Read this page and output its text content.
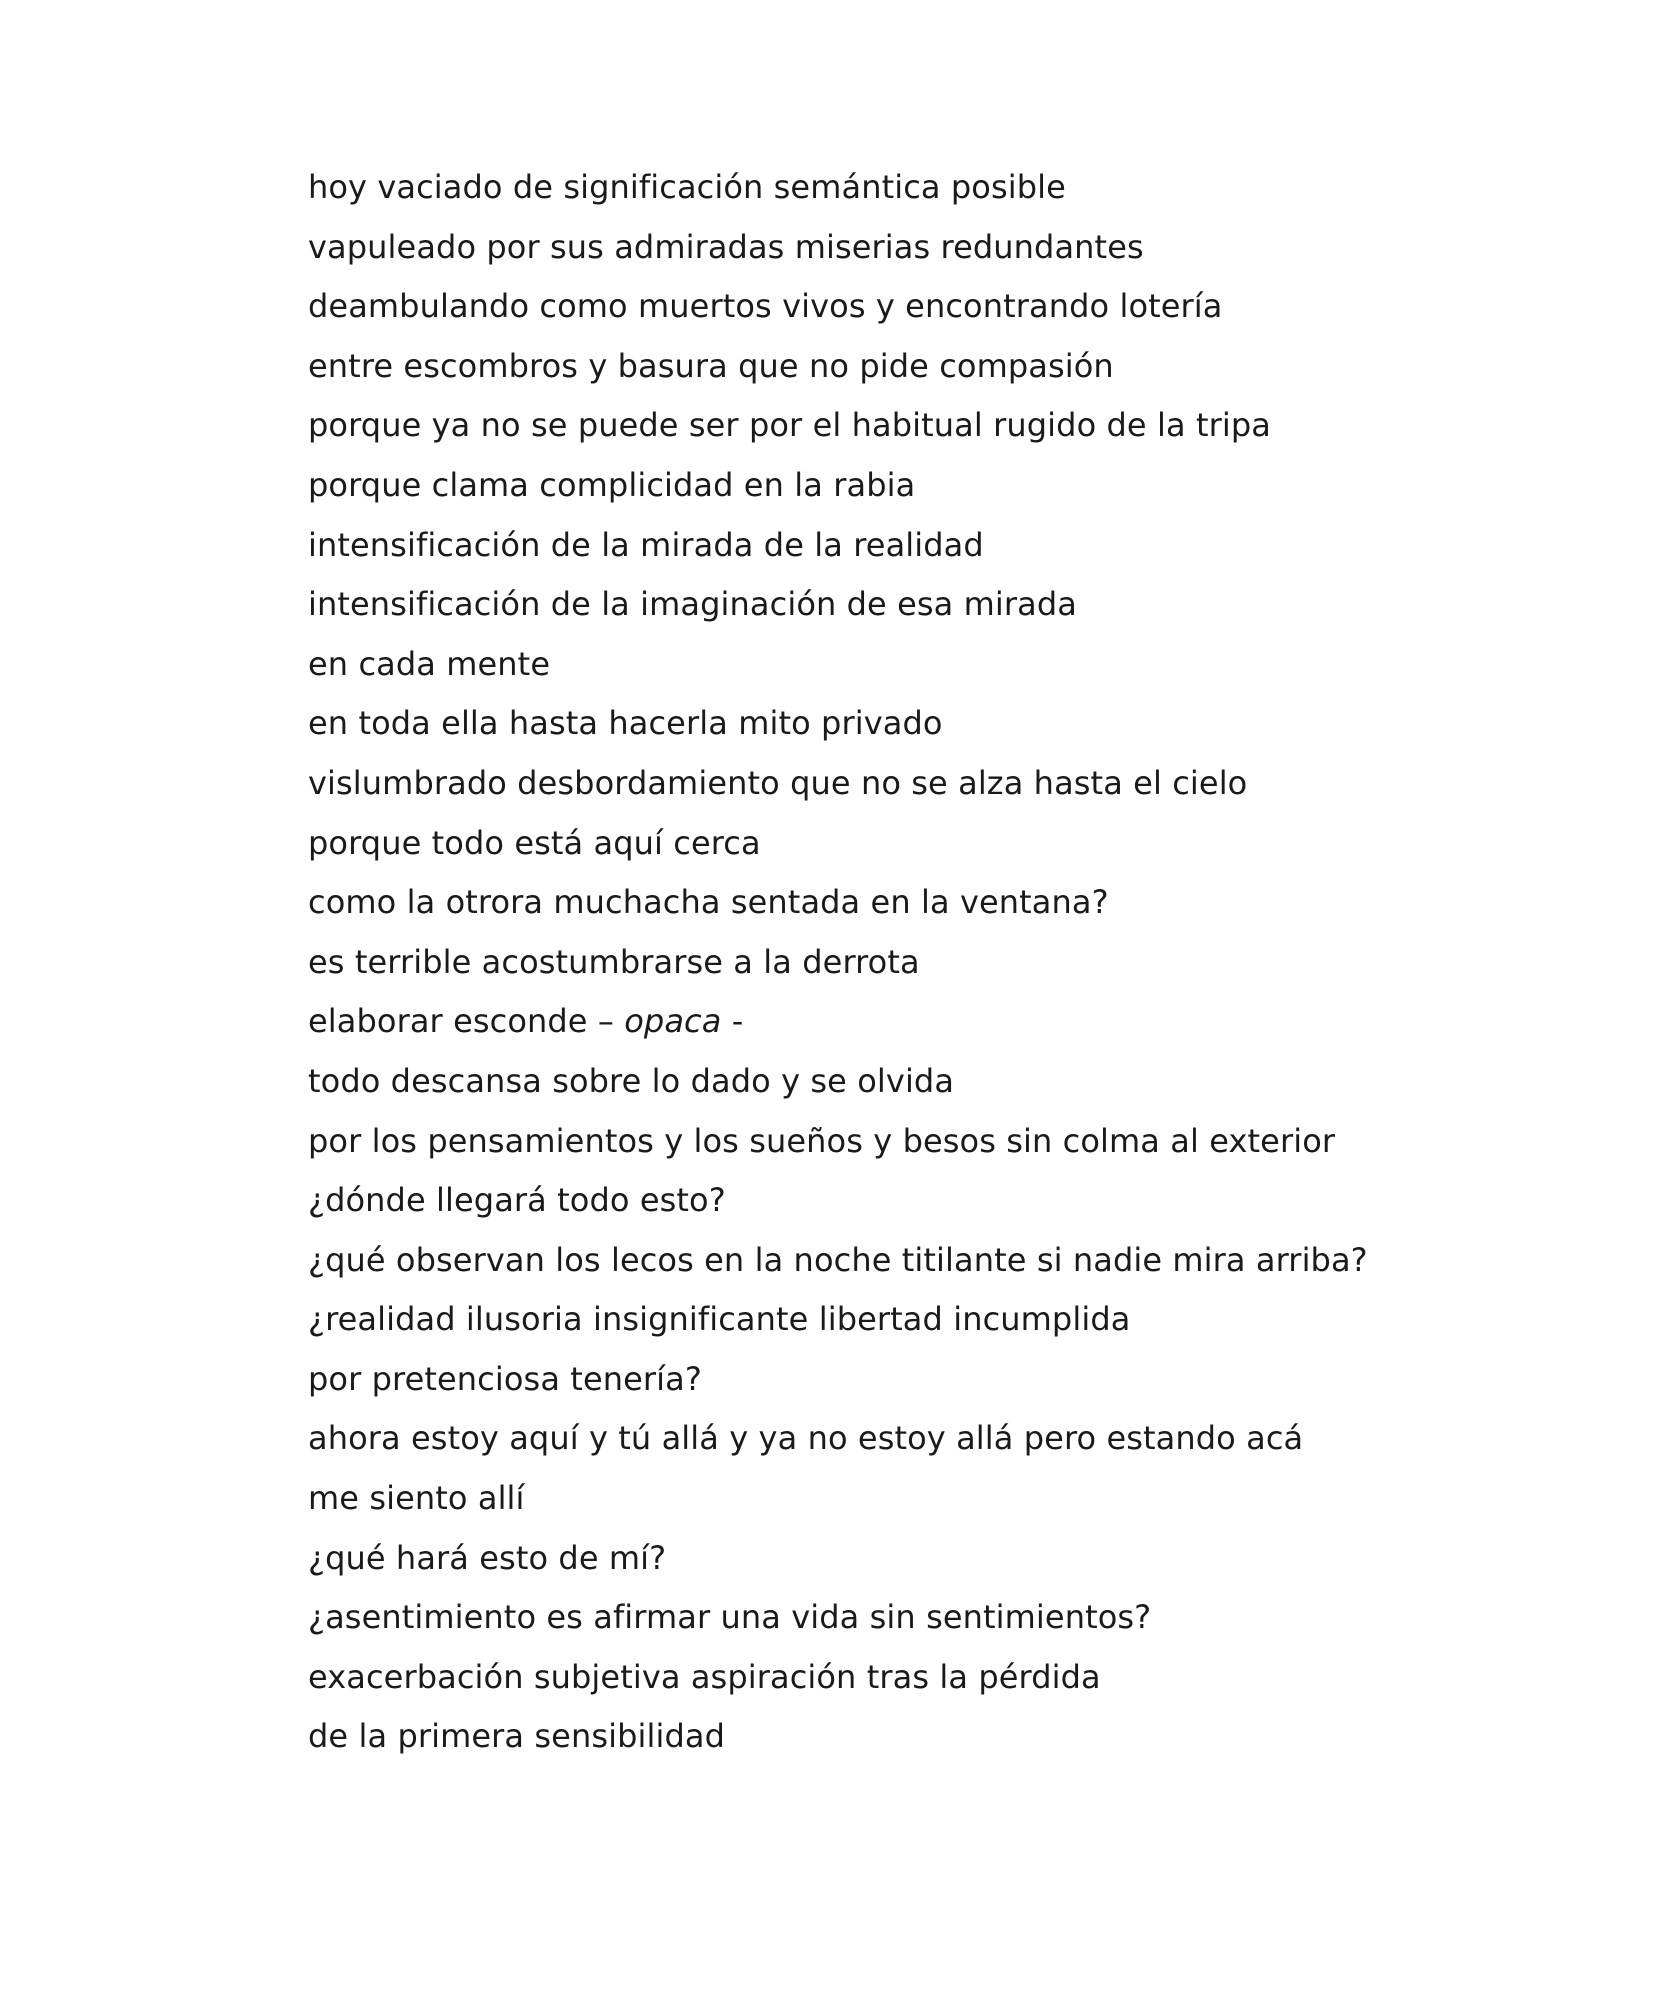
hoy vaciado de significación semántica posible
vapuleado por sus admiradas miserias redundantes
deambulando como muertos vivos y encontrando lotería
entre escombros y basura que no pide compasión
porque ya no se puede ser por el habitual rugido de la tripa
porque clama complicidad en la rabia
intensificación de la mirada de la realidad
intensificación de la imaginación de esa mirada
en cada mente
en toda ella hasta hacerla mito privado
vislumbrado desbordamiento que no se alza hasta el cielo
porque todo está aquí cerca
como la otrora muchacha sentada en la ventana?
es terrible acostumbrarse a la derrota
elaborar esconde – opaca -
todo descansa sobre lo dado y se olvida
por los pensamientos y los sueños y besos sin colma al exterior
¿dónde llegará todo esto?
¿qué observan los lecos en la noche titilante si nadie mira arriba?
¿realidad ilusoria insignificante libertad incumplida
por pretenciosa tenería?
ahora estoy aquí y tú allá y ya no estoy allá pero estando acá
me siento allí
¿qué hará esto de mí?
¿asentimiento es afirmar una vida sin sentimientos?
exacerbación subjetiva aspiración tras la pérdida
de la primera sensibilidad
